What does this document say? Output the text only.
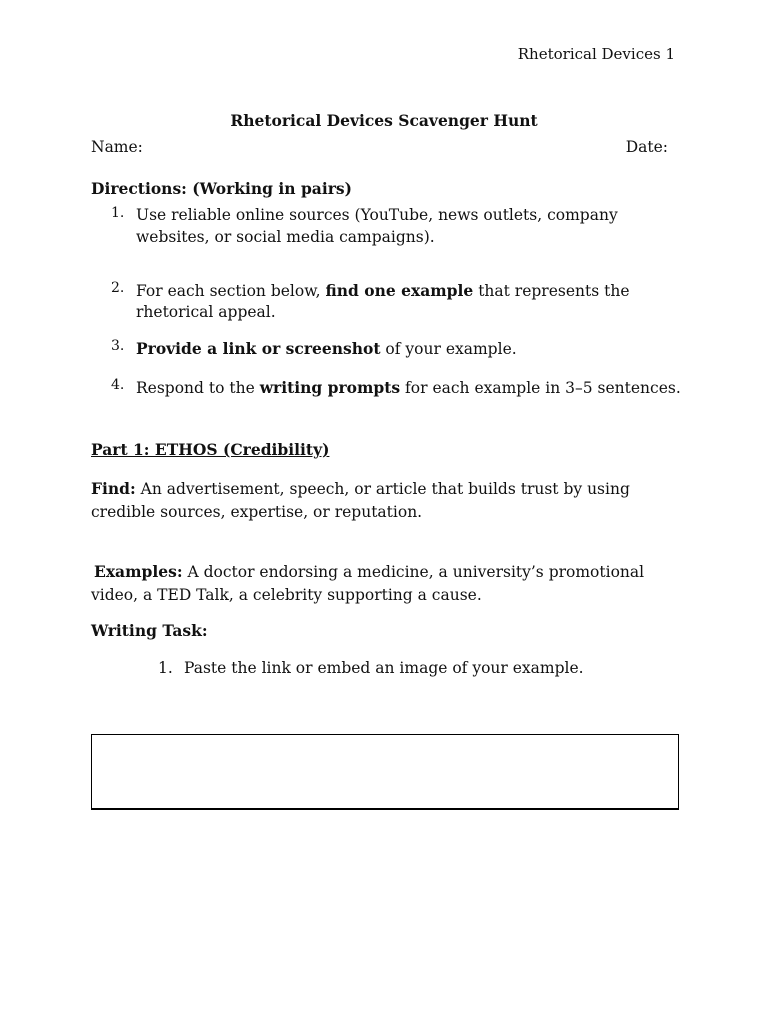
Rhetorical Devices 1
Rhetorical Devices Scavenger Hunt
Name:	Date:
Directions: (Working in pairs)
1. Use reliable online sources (YouTube, news outlets, company websites, or social media campaigns).
2. For each section below, find one example that represents the rhetorical appeal.
3. Provide a link or screenshot of your example.
4. Respond to the writing prompts for each example in 3–5 sentences.
Part 1: ETHOS (Credibility)
Find: An advertisement, speech, or article that builds trust by using credible sources, expertise, or reputation.
Examples: A doctor endorsing a medicine, a university’s promotional video, a TED Talk, a celebrity supporting a cause.
Writing Task:
1. Paste the link or embed an image of your example.
